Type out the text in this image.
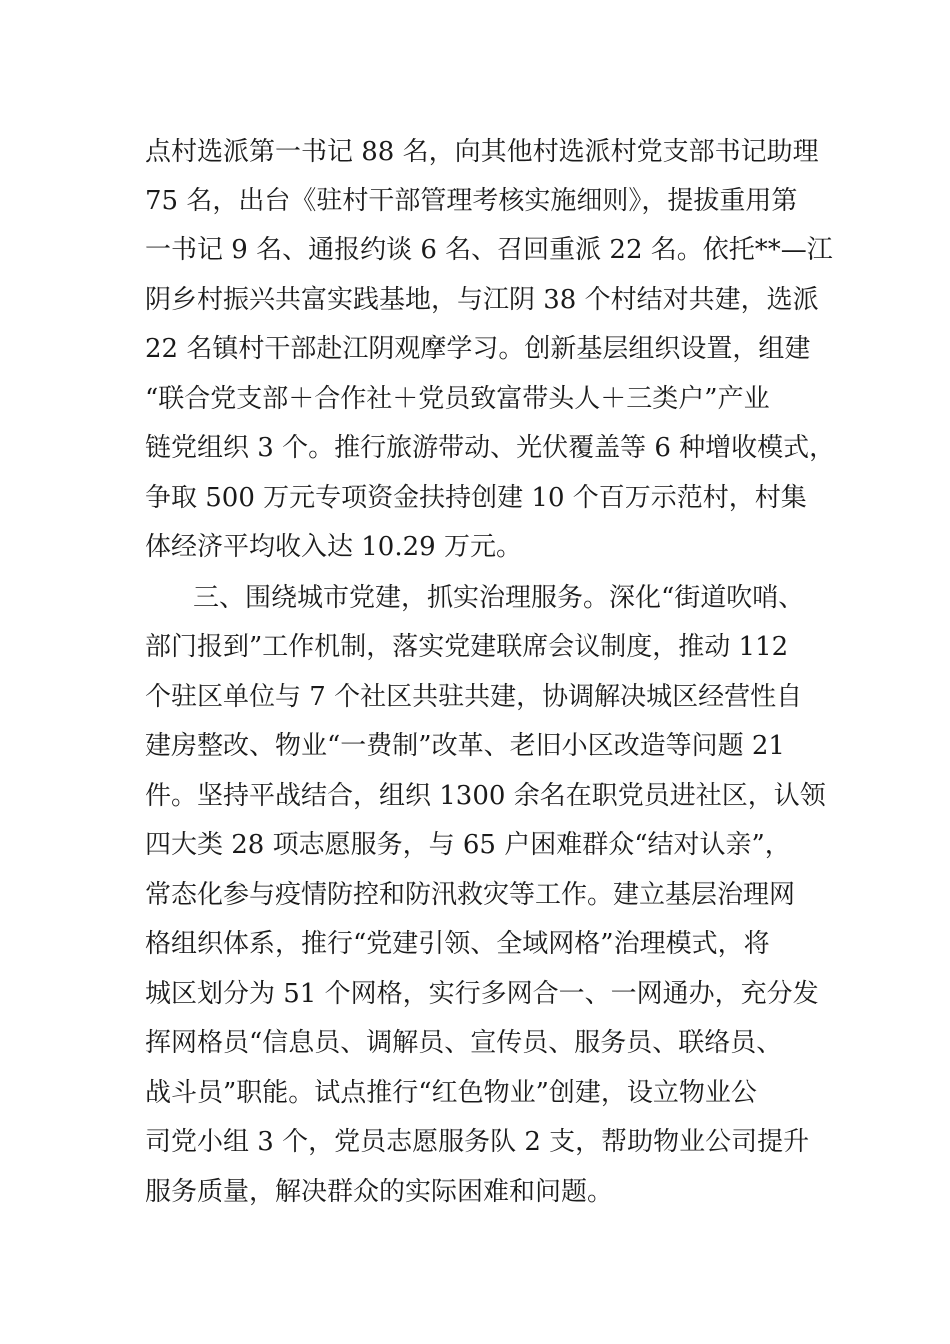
点村选派第一书记 88 名，向其他村选派村党支部书记助理
75 名，出台《驻村干部管理考核实施细则》，提拔重用第
一书记 9 名、通报约谈 6 名、召回重派 22 名。依托**—江
阴乡村振兴共富实践基地，与江阴 38 个村结对共建，选派
22 名镇村干部赴江阴观摩学习。创新基层组织设置，组建
“联合党支部＋合作社＋党员致富带头人＋三类户”产业
链党组织 3 个。推行旅游带动、光伏覆盖等 6 种增收模式，
争取 500 万元专项资金扶持创建 10 个百万示范村，村集
体经济平均收入达 10.29 万元。
三、围绕城市党建，抓实治理服务。深化“街道吹哨、
部门报到”工作机制，落实党建联席会议制度，推动 112
个驻区单位与 7 个社区共驻共建，协调解决城区经营性自
建房整改、物业“一费制”改革、老旧小区改造等问题 21
件。坚持平战结合，组织 1300 余名在职党员进社区，认领
四大类 28 项志愿服务，与 65 户困难群众“结对认亲”，
常态化参与疫情防控和防汛救灾等工作。建立基层治理网
格组织体系，推行“党建引领、全域网格”治理模式，将
城区划分为 51 个网格，实行多网合一、一网通办，充分发
挥网格员“信息员、调解员、宣传员、服务员、联络员、
战斗员”职能。试点推行“红色物业”创建，设立物业公
司党小组 3 个，党员志愿服务队 2 支，帮助物业公司提升
服务质量，解决群众的实际困难和问题。
